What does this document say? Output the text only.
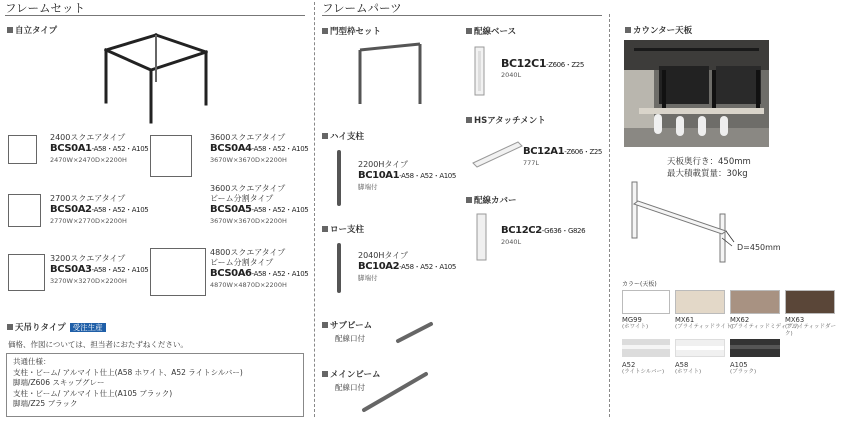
フレームセット	フレームパーツ
自立タイプ
2400スクエアタイプ
BCS0A1-A58・A52・A105
2470W×2470D×2200H
2700スクエアタイプ
BCS0A2-A58・A52・A105
2770W×2770D×2200H
3200スクエアタイプ
BCS0A3-A58・A52・A105
3270W×3270D×2200H
3600スクエアタイプ
BCS0A4-A58・A52・A105
3670W×3670D×2200H
3600スクエアタイプ
ビーム分割タイプ
BCS0A5-A58・A52・A105
3670W×3670D×2200H
4800スクエアタイプ
ビーム分割タイプ
BCS0A6-A58・A52・A105
4870W×4870D×2200H
天吊りタイプ 受注生産
価格、作図については、担当者におたずねください。
共通仕様：
支柱・ビーム/ アルマイト仕上(A58 ホワイト、A52 ライトシルバー)
脚端/Z606 スキップグレー
支柱・ビーム/ アルマイト仕上(A105 ブラック)
脚端/Z25 ブラック
門型枠セット
ハイ支柱
2200Hタイプ
BC10A1-A58・A52・A105
脚端付
ロー支柱
2040Hタイプ
BC10A2-A58・A52・A105
脚端付
サブビーム
配線口付
メインビーム
配線口付
配線ベース
BC12C1-Z606・Z25
2040L
HSアタッチメント
BC12A1-Z606・Z25
777L
配線カバー
BC12C2-G636・G826
2040L
カウンター天板
天板奥行き：450mm
最大積載質量：30kg
D=450mm
カラー(天板)
MG99
(ホワイト)
MX61
(ブライティッドライト)
MX62
(ブライティッドミディアム)
MX63
(ブライティッドダーク)
A52
(ライトシルバー)
A58
(ホワイト)
A105
(ブラック)
